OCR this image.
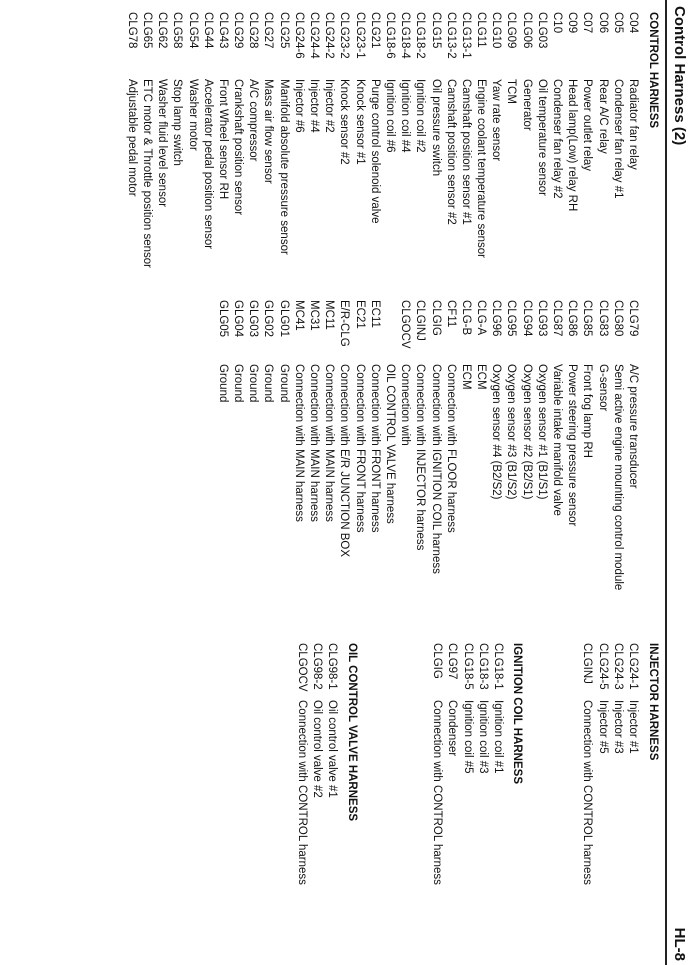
Control Harness (2)
HL-8
CONTROL HARNESS
C04
Radiator fan relay
C05
Condenser fan relay #1
C06
Rear A/C relay
C07
Power outlet relay
C09
Head lamp(Low) relay RH
C10
Condenser fan relay #2
CLG03
Oil temperature sensor
CLG06
Generator
CLG09
TCM
CLG10
Yaw rate sensor
CLG11
Engine coolant temperature sensor
CLG13-1
Camshaft position sensor #1
CLG13-2
Camshaft position sensor #2
CLG15
Oil pressure switch
CLG18-2
Ignition coil #2
CLG18-4
Ignition coil #4
CLG18-6
Ignition coil #6
CLG21
Purge control solenoid valve
CLG23-1
Knock sensor #1
CLG23-2
Knock sensor #2
CLG24-2
Injector #2
CLG24-4
Injector #4
CLG24-6
Injector #6
CLG25
Manifold absolute pressure sensor
CLG27
Mass air flow sensor
CLG28
A/C compressor
CLG29
Crankshaft position sensor
CLG43
Front Wheel sensor RH
CLG44
Accelerator pedal position sensor
CLG54
Washer motor
CLG58
Stop lamp switch
CLG62
Washer fluid level sensor
CLG65
ETC motor & Throttle position sensor
CLG78
Adjustable pedal motor
CLG79
A/C pressure transducer
CLG80
Semi active engine mounting control module
CLG83
G-sensor
CLG85
Front fog lamp RH
CLG86
Power steering pressure sensor
CLG87
Variable intake manifold valve
CLG93
Oxygen sensor #1 (B1/S1)
CLG94
Oxygen sensor #2 (B2/S1)
CLG95
Oxygen sensor #3 (B1/S2)
CLG96
Oxygen sensor #4 (B2/S2)
CLG-A
ECM
CLG-B
ECM
CF11
Connection with FLOOR harness
CLGIG
Connection with IGNITION COIL harness
CLGINJ
Connection with INJECTOR harness
CLGOCV
Connection with
OIL CONTROL VALVE harness
EC11
Connection with FRONT harness
EC21
Connection with FRONT harness
E/R-CLG
Connection with E/R JUNCTION BOX
MC11
Connection with MAIN harness
MC31
Connection with MAIN harness
MC41
Connection with MAIN harness
GLG01
Ground
GLG02
Ground
GLG03
Ground
GLG04
Ground
GLG05
Ground
INJECTOR HARNESS
CLG24-1
Injector #1
CLG24-3
Injector #3
CLG24-5
Injector #5
CLGINJ
Connection with CONTROL harness
IGNITION COIL HARNESS
CLG18-1
Ignition coil #1
CLG18-3
Ignition coil #3
CLG18-5
Ignition coil #5
CLG97
Condenser
CLGIG
Connection with CONTROL harness
OIL CONTROL VALVE HARNESS
CLG98-1
Oil control valve #1
CLG98-2
Oil control valve #2
CLGOCV
Connection with CONTROL harness
